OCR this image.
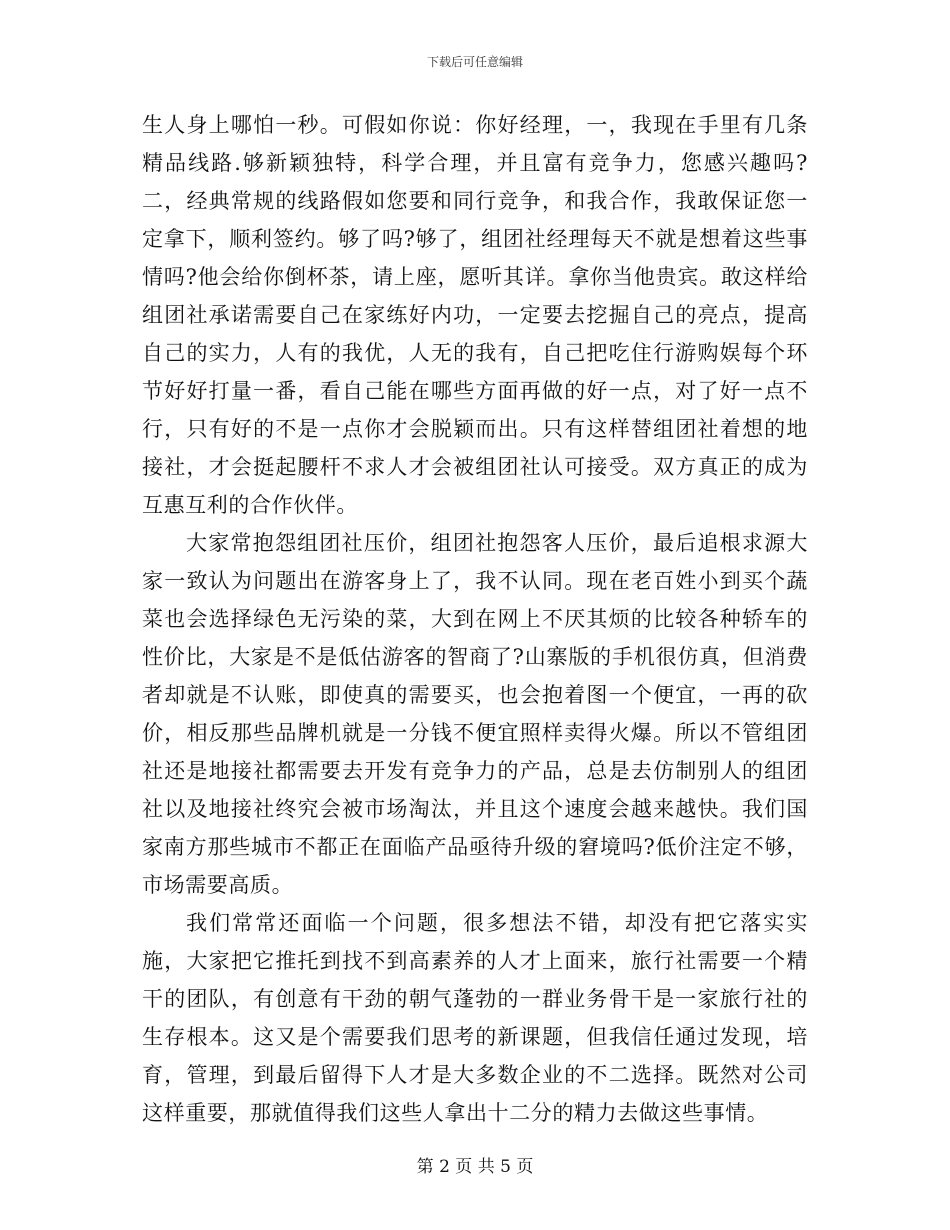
下载后可任意编辑

生人身上哪怕一秒。可假如你说：你好经理，一，我现在手里有几条精品线路.够新颖独特，科学合理，并且富有竞争力，您感兴趣吗?二，经典常规的线路假如您要和同行竞争，和我合作，我敢保证您一定拿下，顺利签约。够了吗?够了，组团社经理每天不就是想着这些事情吗?他会给你倒杯茶，请上座，愿听其详。拿你当他贵宾。敢这样给组团社承诺需要自己在家练好内功，一定要去挖掘自己的亮点，提高自己的实力，人有的我优，人无的我有，自己把吃住行游购娱每个环节好好打量一番，看自己能在哪些方面再做的好一点，对了好一点不行，只有好的不是一点你才会脱颖而出。只有这样替组团社着想的地接社，才会挺起腰杆不求人才会被组团社认可接受。双方真正的成为互惠互利的合作伙伴。

大家常抱怨组团社压价，组团社抱怨客人压价，最后追根求源大家一致认为问题出在游客身上了，我不认同。现在老百姓小到买个蔬菜也会选择绿色无污染的菜，大到在网上不厌其烦的比较各种轿车的性价比，大家是不是低估游客的智商了?山寨版的手机很仿真，但消费者却就是不认账，即使真的需要买，也会抱着图一个便宜，一再的砍价，相反那些品牌机就是一分钱不便宜照样卖得火爆。所以不管组团社还是地接社都需要去开发有竞争力的产品，总是去仿制别人的组团社以及地接社终究会被市场淘汰，并且这个速度会越来越快。我们国家南方那些城市不都正在面临产品亟待升级的窘境吗?低价注定不够，市场需要高质。

我们常常还面临一个问题，很多想法不错，却没有把它落实实施，大家把它推托到找不到高素养的人才上面来，旅行社需要一个精干的团队，有创意有干劲的朝气蓬勃的一群业务骨干是一家旅行社的生存根本。这又是个需要我们思考的新课题，但我信任通过发现，培育，管理，到最后留得下人才是大多数企业的不二选择。既然对公司这样重要，那就值得我们这些人拿出十二分的精力去做这些事情。

第 2 页 共 5 页
